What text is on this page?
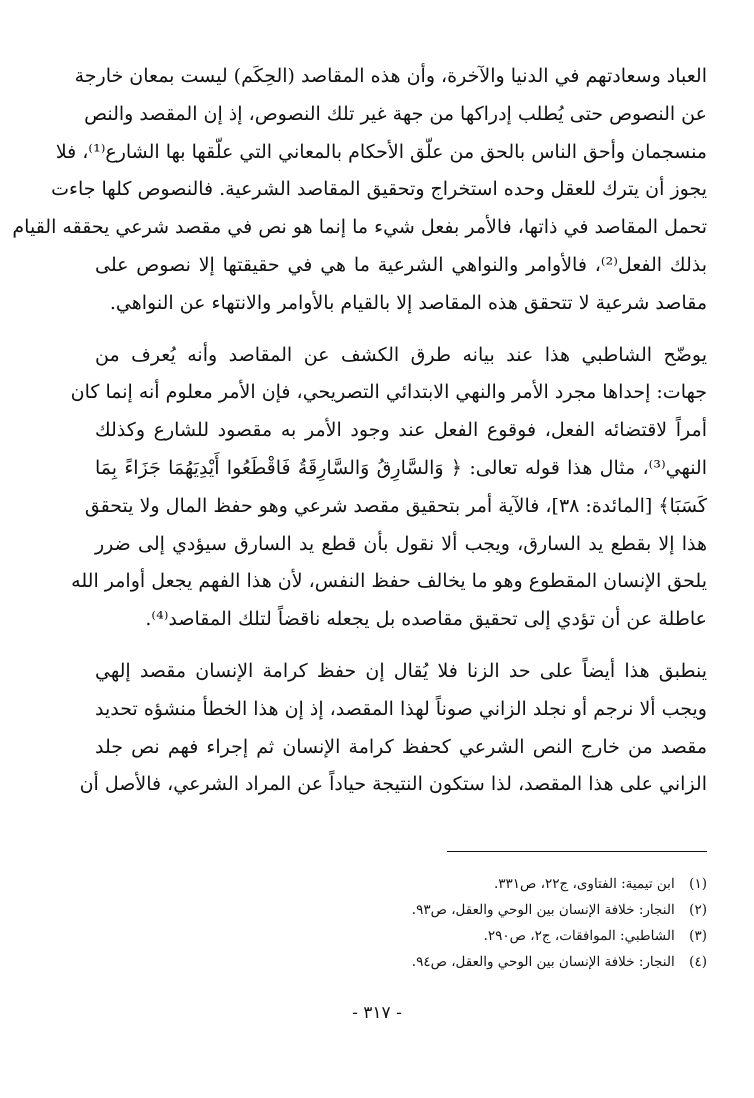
العباد وسعادتهم في الدنيا والآخرة، وأن هذه المقاصد (الحِكَم) ليست بمعان خارجة
عن النصوص حتى يُطلب إدراكها من جهة غير تلك النصوص، إذ إن المقصد والنص
منسجمان وأحق الناس بالحق من علّق الأحكام بالمعاني التي علّقها بها الشارع⁽¹⁾، فلا
يجوز أن يترك للعقل وحده استخراج وتحقيق المقاصد الشرعية. فالنصوص كلها جاءت
تحمل المقاصد في ذاتها، فالأمر بفعل شيء ما إنما هو نص في مقصد شرعي يحققه القيام
بذلك الفعل⁽²⁾، فالأوامر والنواهي الشرعية ما هي في حقيقتها إلا نصوص على
مقاصد شرعية لا تتحقق هذه المقاصد إلا بالقيام بالأوامر والانتهاء عن النواهي.

يوضّح الشاطبي هذا عند بيانه طرق الكشف عن المقاصد وأنه يُعرف من
جهات: إحداها مجرد الأمر والنهي الابتدائي التصريحي، فإن الأمر معلوم أنه إنما كان
أمراً لاقتضائه الفعل، فوقوع الفعل عند وجود الأمر به مقصود للشارع وكذلك
النهي⁽³⁾، مثال هذا قوله تعالى: ﴿ وَالسَّارِقُ وَالسَّارِقَةُ فَاقْطَعُوا أَيْدِيَهُمَا جَزَاءً بِمَا
كَسَبَا﴾ [المائدة: ٣٨]، فالآية أمر بتحقيق مقصد شرعي وهو حفظ المال ولا يتحقق
هذا إلا بقطع يد السارق، ويجب ألا نقول بأن قطع يد السارق سيؤدي إلى ضرر
يلحق الإنسان المقطوع وهو ما يخالف حفظ النفس، لأن هذا الفهم يجعل أوامر الله
عاطلة عن أن تؤدي إلى تحقيق مقاصده بل يجعله ناقضاً لتلك المقاصد⁽⁴⁾.

ينطبق هذا أيضاً على حد الزنا فلا يُقال إن حفظ كرامة الإنسان مقصد إلهي
ويجب ألا نرجم أو نجلد الزاني صوناً لهذا المقصد، إذ إن هذا الخطأ منشؤه تحديد
مقصد من خارج النص الشرعي كحفظ كرامة الإنسان ثم إجراء فهم نص جلد
الزاني على هذا المقصد، لذا ستكون النتيجة حياداً عن المراد الشرعي، فالأصل أن

(١) ابن تيمية: الفتاوى، ج٢٢، ص٣٣١.
(٢) النجار: خلافة الإنسان بين الوحي والعقل، ص٩٣.
(٣) الشاطبي: الموافقات، ج٢، ص٢٩٠.
(٤) النجار: خلافة الإنسان بين الوحي والعقل، ص٩٤.
- ٣١٧ -
